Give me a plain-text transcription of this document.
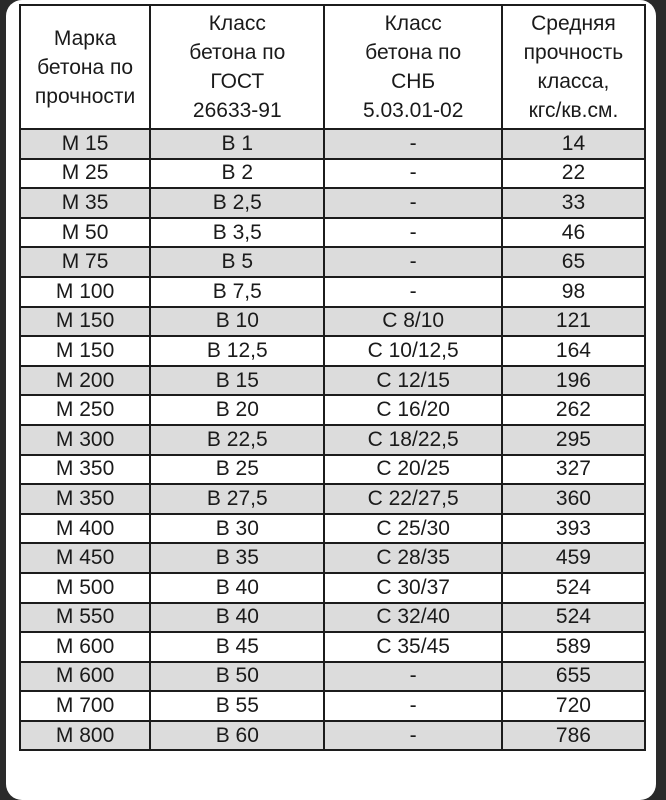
Марка
бетона по
прочности	Класс
бетона по
ГОСТ
26633-91	Класс
бетона по
СНБ
5.03.01-02	Средняя
прочность
класса,
кгс/кв.см.

М 15	В 1	-	14
М 25	В 2	-	22
М 35	В 2,5	-	33
М 50	В 3,5	-	46
М 75	В 5	-	65
М 100	В 7,5	-	98
М 150	В 10	С 8/10	121
М 150	В 12,5	С 10/12,5	164
М 200	В 15	С 12/15	196
М 250	В 20	С 16/20	262
М 300	В 22,5	С 18/22,5	295
М 350	В 25	С 20/25	327
М 350	В 27,5	С 22/27,5	360
М 400	В 30	С 25/30	393
М 450	В 35	С 28/35	459
М 500	В 40	С 30/37	524
М 550	В 40	С 32/40	524
М 600	В 45	С 35/45	589
М 600	В 50	-	655
М 700	В 55	-	720
М 800	В 60	-	786
